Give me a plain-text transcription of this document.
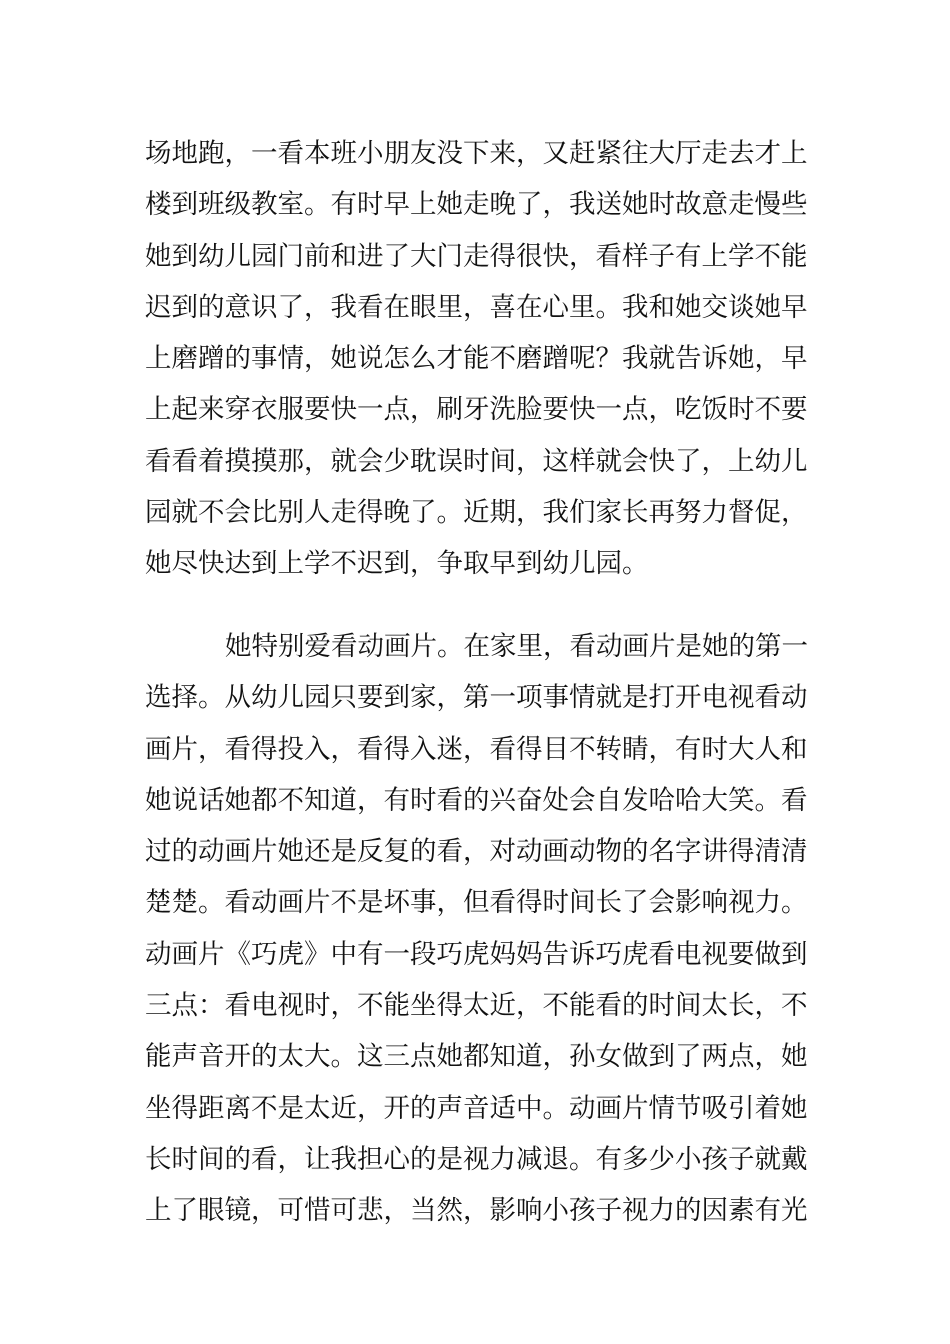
场地跑，一看本班小朋友没下来，又赶紧往大厅走去才上
楼到班级教室。有时早上她走晚了，我送她时故意走慢些
她到幼儿园门前和进了大门走得很快，看样子有上学不能
迟到的意识了，我看在眼里，喜在心里。我和她交谈她早
上磨蹭的事情，她说怎么才能不磨蹭呢？我就告诉她，早
上起来穿衣服要快一点，刷牙洗脸要快一点，吃饭时不要
看看着摸摸那，就会少耽误时间，这样就会快了，上幼儿
园就不会比别人走得晚了。近期，我们家长再努力督促，
她尽快达到上学不迟到，争取早到幼儿园。
她特别爱看动画片。在家里，看动画片是她的第一
选择。从幼儿园只要到家，第一项事情就是打开电视看动
画片，看得投入，看得入迷，看得目不转睛，有时大人和
她说话她都不知道，有时看的兴奋处会自发哈哈大笑。看
过的动画片她还是反复的看，对动画动物的名字讲得清清
楚楚。看动画片不是坏事，但看得时间长了会影响视力。
动画片《巧虎》中有一段巧虎妈妈告诉巧虎看电视要做到
三点：看电视时，不能坐得太近，不能看的时间太长，不
能声音开的太大。这三点她都知道，孙女做到了两点，她
坐得距离不是太近，开的声音适中。动画片情节吸引着她
长时间的看，让我担心的是视力减退。有多少小孩子就戴
上了眼镜，可惜可悲，当然，影响小孩子视力的因素有光
